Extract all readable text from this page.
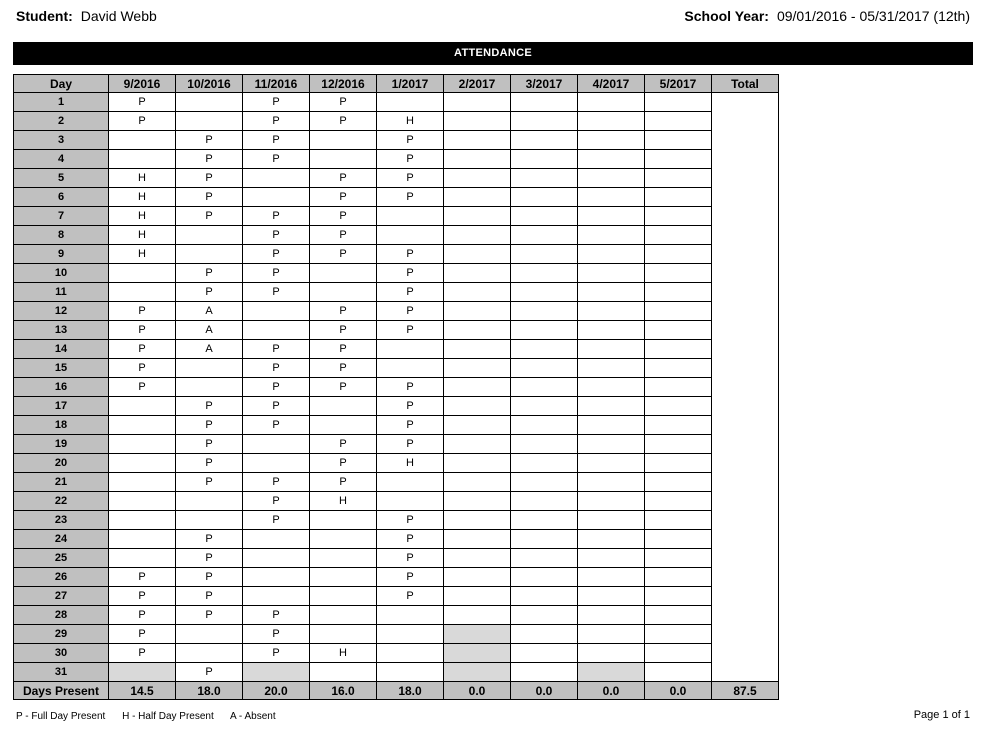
Student: David Webb	School Year: 09/01/2016 - 05/31/2017 (12th)
ATTENDANCE
Day	9/2016	10/2016	11/2016	12/2016	1/2017	2/2017	3/2017	4/2017	5/2017	Total
1	P		P	P						
2	P		P	P	H					
3		P	P		P					
4		P	P		P					
5	H	P		P	P					
6	H	P		P	P					
7	H	P	P	P						
8	H		P	P						
9	H		P	P	P					
10		P	P		P					
11		P	P		P					
12	P	A		P	P					
13	P	A		P	P					
14	P	A	P	P						
15	P		P	P						
16	P		P	P	P					
17		P	P		P					
18		P	P		P					
19		P		P	P					
20		P		P	H					
21		P	P	P						
22			P	H						
23			P		P					
24		P			P					
25		P			P					
26	P	P			P					
27	P	P			P					
28	P	P	P							
29	P		P							
30	P		P	H						
31		P								
Days Present	14.5	18.0	20.0	16.0	18.0	0.0	0.0	0.0	0.0	87.5
P - Full Day Present H - Half Day Present A - Absent	Page 1 of 1
